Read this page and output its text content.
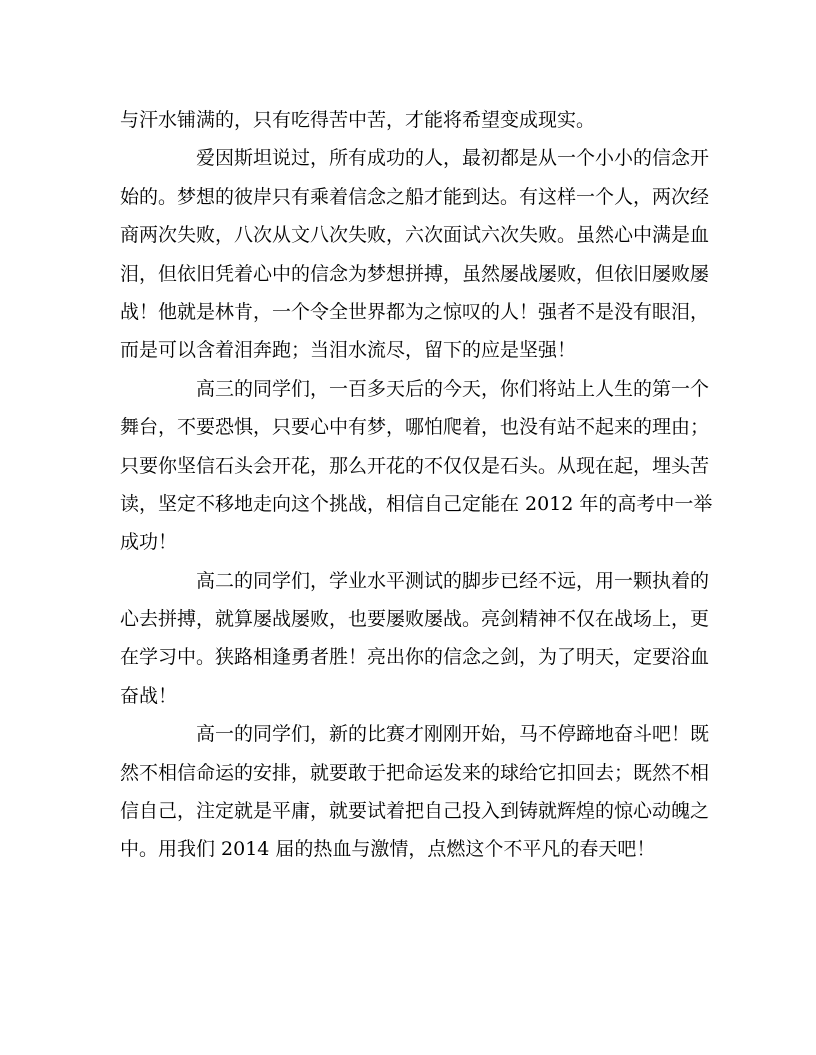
与汗水铺满的，只有吃得苦中苦，才能将希望变成现实。
爱因斯坦说过，所有成功的人，最初都是从一个小小的信念开
始的。梦想的彼岸只有乘着信念之船才能到达。有这样一个人，两次经
商两次失败，八次从文八次失败，六次面试六次失败。虽然心中满是血
泪，但依旧凭着心中的信念为梦想拼搏，虽然屡战屡败，但依旧屡败屡
战！他就是林肯，一个令全世界都为之惊叹的人！强者不是没有眼泪，
而是可以含着泪奔跑；当泪水流尽，留下的应是坚强！
高三的同学们，一百多天后的今天，你们将站上人生的第一个
舞台，不要恐惧，只要心中有梦，哪怕爬着，也没有站不起来的理由；
只要你坚信石头会开花，那么开花的不仅仅是石头。从现在起，埋头苦
读，坚定不移地走向这个挑战，相信自己定能在 2012 年的高考中一举
成功！
高二的同学们，学业水平测试的脚步已经不远，用一颗执着的
心去拼搏，就算屡战屡败，也要屡败屡战。亮剑精神不仅在战场上，更
在学习中。狭路相逢勇者胜！亮出你的信念之剑，为了明天，定要浴血
奋战！
高一的同学们，新的比赛才刚刚开始，马不停蹄地奋斗吧！既
然不相信命运的安排，就要敢于把命运发来的球给它扣回去；既然不相
信自己，注定就是平庸，就要试着把自己投入到铸就辉煌的惊心动魄之
中。用我们 2014 届的热血与激情，点燃这个不平凡的春天吧！
